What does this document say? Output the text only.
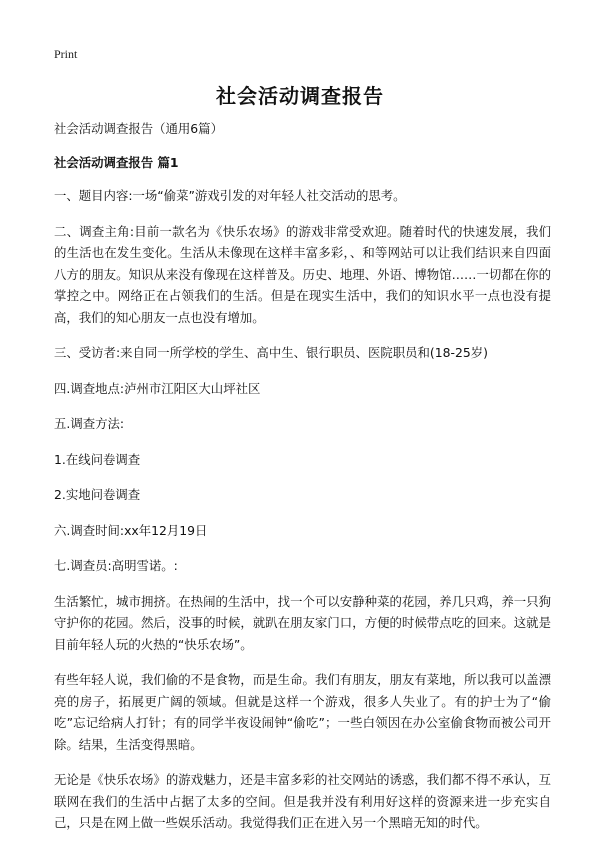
Print
社会活动调查报告

社会活动调查报告（通用6篇）

社会活动调查报告 篇1

一、题目内容:一场“偷菜”游戏引发的对年轻人社交活动的思考。

二、调查主角:目前一款名为《快乐农场》的游戏非常受欢迎。随着时代的快速发展，我们的生活也在发生变化。生活从未像现在这样丰富多彩，、和等网站可以让我们结识来自四面八方的朋友。知识从来没有像现在这样普及。历史、地理、外语、博物馆……一切都在你的掌控之中。网络正在占领我们的生活。但是在现实生活中，我们的知识水平一点也没有提高，我们的知心朋友一点也没有增加。

三、受访者:来自同一所学校的学生、高中生、银行职员、医院职员和(18-25岁)

四.调查地点:泸州市江阳区大山坪社区

五.调查方法:

1.在线问卷调查

2.实地问卷调查

六.调查时间:xx年12月19日

七.调查员:高明雪诺。:

生活繁忙，城市拥挤。在热闹的生活中，找一个可以安静种菜的花园，养几只鸡，养一只狗守护你的花园。然后，没事的时候，就趴在朋友家门口，方便的时候带点吃的回来。这就是目前年轻人玩的火热的“快乐农场”。

有些年轻人说，我们偷的不是食物，而是生命。我们有朋友，朋友有菜地，所以我可以盖漂亮的房子，拓展更广阔的领域。但就是这样一个游戏，很多人失业了。有的护士为了“偷吃”忘记给病人打针；有的同学半夜设闹钟“偷吃”；一些白领因在办公室偷食物而被公司开除。结果，生活变得黑暗。

无论是《快乐农场》的游戏魅力，还是丰富多彩的社交网站的诱惑，我们都不得不承认，互联网在我们的生活中占据了太多的空间。但是我并没有利用好这样的资源来进一步充实自己，只是在网上做一些娱乐活动。我觉得我们正在进入另一个黑暗无知的时代。
